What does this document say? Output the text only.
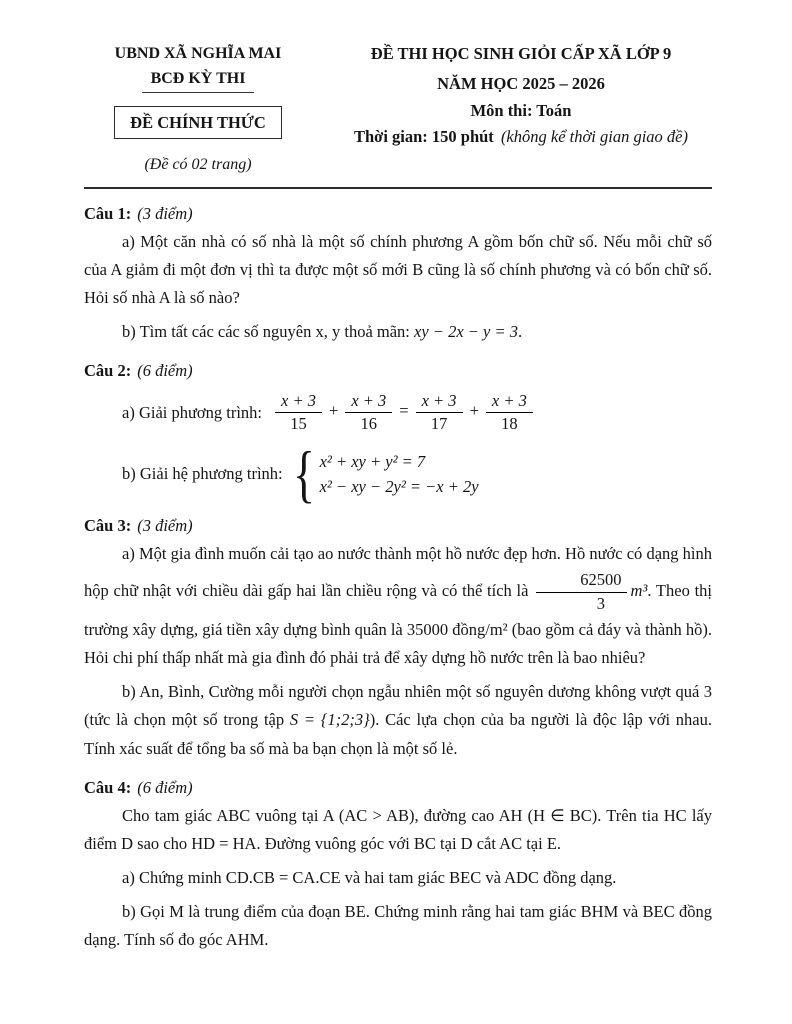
UBND XÃ NGHĨA MAI
BCĐ KỲ THI
ĐỀ CHÍNH THỨC
(Đề có 02 trang)
ĐỀ THI HỌC SINH GIỎI CẤP XÃ LỚP 9
NĂM HỌC 2025 – 2026
Môn thi: Toán
Thời gian: 150 phút (không kể thời gian giao đề)
Câu 1: (3 điểm)

a) Một căn nhà có số nhà là một số chính phương A gồm bốn chữ số. Nếu mỗi chữ số của A giảm đi một đơn vị thì ta được một số mới B cũng là số chính phương và có bốn chữ số. Hỏi số nhà A là số nào?

b) Tìm tất các các số nguyên x, y thoả mãn: xy − 2x − y = 3.

Câu 2: (6 điểm)
a) Giải phương trình: $\frac{x + 3}{15} + \frac{x + 3}{16} = \frac{x + 3}{17} + \frac{x + 3}{18}$
b) Giải hệ phương trình: { x² + xy + y² = 7
x² − xy − 2y² = −x + 2y
Câu 3: (3 điểm)

a) Một gia đình muốn cải tạo ao nước thành một hồ nước đẹp hơn. Hồ nước có dạng hình hộp chữ nhật với chiều dài gấp hai lần chiều rộng và có thể tích là $\frac{62500}{3} m^3$. Theo thị trường xây dựng, giá tiền xây dựng bình quân là 35000 đồng/m² (bao gồm cả đáy và thành hồ). Hỏi chi phí thấp nhất mà gia đình đó phải trả để xây dựng hồ nước trên là bao nhiêu?

b) An, Bình, Cường mỗi người chọn ngẫu nhiên một số nguyên dương không vượt quá 3 (tức là chọn một số trong tập S = {1;2;3}). Các lựa chọn của ba người là độc lập với nhau. Tính xác suất để tổng ba số mà ba bạn chọn là một số lẻ.

Câu 4: (6 điểm)

Cho tam giác ABC vuông tại A (AC > AB), đường cao AH (H ∈ BC). Trên tia HC lấy điểm D sao cho HD = HA. Đường vuông góc với BC tại D cắt AC tại E.

a) Chứng minh CD.CB = CA.CE và hai tam giác BEC và ADC đồng dạng.

b) Gọi M là trung điểm của đoạn BE. Chứng minh rằng hai tam giác BHM và BEC đồng dạng. Tính số đo góc AHM.
